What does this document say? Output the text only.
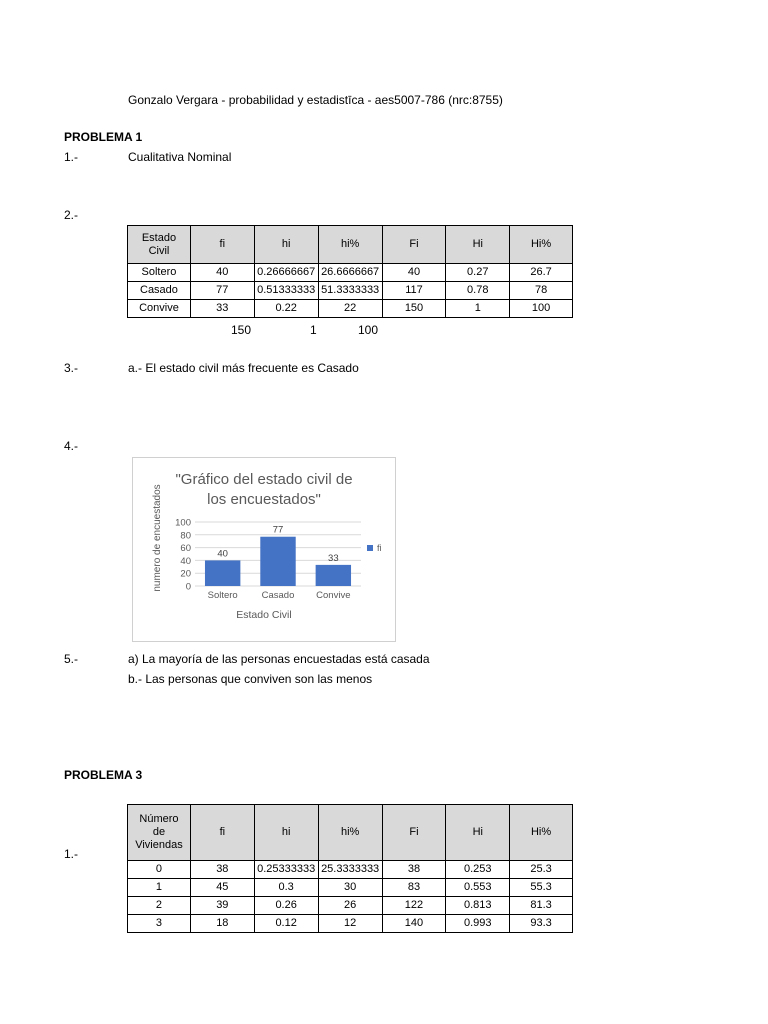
Gonzalo Vergara - probabilidad y estadistīca - aes5007-786 (nrc:8755)
PROBLEMA 1
1.-	Cualitativa Nominal
2.-
Estado Civil	fi	hi	hi%	Fi	Hi	Hi%
Soltero	40	0.26666667	26.6666667	40	0.27	26.7
Casado	77	0.51333333	51.3333333	117	0.78	78
Convive	33	0.22	22	150	1	100
150	1	100
3.-	a.- El estado civil más frecuente es Casado
4.-
"Gráfico del estado civil de
los encuestados"
0
20
40
60
80
100
40
Soltero
77
Casado
33
Convive
Estado Civil
numero de encuestados	fi
5.-	a) La mayoría de las personas encuestadas está casada
b.- Las personas que conviven son las menos
PROBLEMA 3
1.-
Número de Viviendas	fi	hi	hi%	Fi	Hi	Hi%
0	38	0.25333333	25.3333333	38	0.253	25.3
1	45	0.3	30	83	0.553	55.3
2	39	0.26	26	122	0.813	81.3
3	18	0.12	12	140	0.993	93.3
